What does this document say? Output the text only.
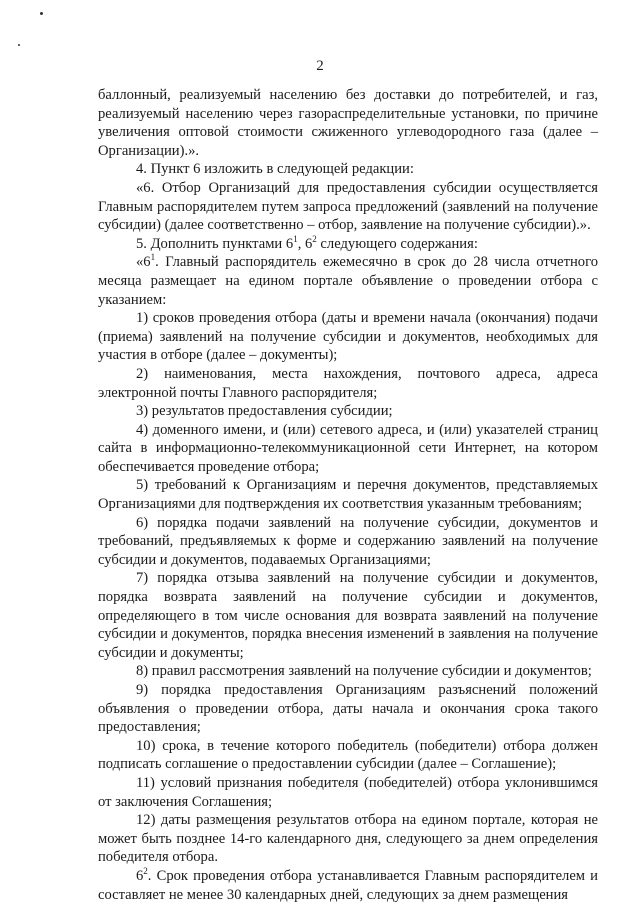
2

баллонный, реализуемый населению без доставки до потребителей, и газ, реализуемый населению через газораспределительные установки, по причине увеличения оптовой стоимости сжиженного углеводородного газа (далее – Организации).».

4. Пункт 6 изложить в следующей редакции:

«6. Отбор Организаций для предоставления субсидии осуществляется Главным распорядителем путем запроса предложений (заявлений на получение субсидии) (далее соответственно – отбор, заявление на получение субсидии).».

5. Дополнить пунктами $6^1$, $6^2$ следующего содержания:

«$6^1$. Главный распорядитель ежемесячно в срок до 28 числа отчетного месяца размещает на едином портале объявление о проведении отбора с указанием:

1) сроков проведения отбора (даты и времени начала (окончания) подачи (приема) заявлений на получение субсидии и документов, необходимых для участия в отборе (далее – документы);

2) наименования, места нахождения, почтового адреса, адреса электронной почты Главного распорядителя;

3) результатов предоставления субсидии;

4) доменного имени, и (или) сетевого адреса, и (или) указателей страниц сайта в информационно-телекоммуникационной сети Интернет, на котором обеспечивается проведение отбора;

5) требований к Организациям и перечня документов, представляемых Организациями для подтверждения их соответствия указанным требованиям;

6) порядка подачи заявлений на получение субсидии, документов и требований, предъявляемых к форме и содержанию заявлений на получение субсидии и документов, подаваемых Организациями;

7) порядка отзыва заявлений на получение субсидии и документов, порядка возврата заявлений на получение субсидии и документов, определяющего в том числе основания для возврата заявлений на получение субсидии и документов, порядка внесения изменений в заявления на получение субсидии и документы;

8) правил рассмотрения заявлений на получение субсидии и документов;

9) порядка предоставления Организациям разъяснений положений объявления о проведении отбора, даты начала и окончания срока такого предоставления;

10) срока, в течение которого победитель (победители) отбора должен подписать соглашение о предоставлении субсидии (далее – Соглашение);

11) условий признания победителя (победителей) отбора уклонившимся от заключения Соглашения;

12) даты размещения результатов отбора на едином портале, которая не может быть позднее 14-го календарного дня, следующего за днем определения победителя отбора.

$6^2$. Срок проведения отбора устанавливается Главным распорядителем и составляет не менее 30 календарных дней, следующих за днем размещения
